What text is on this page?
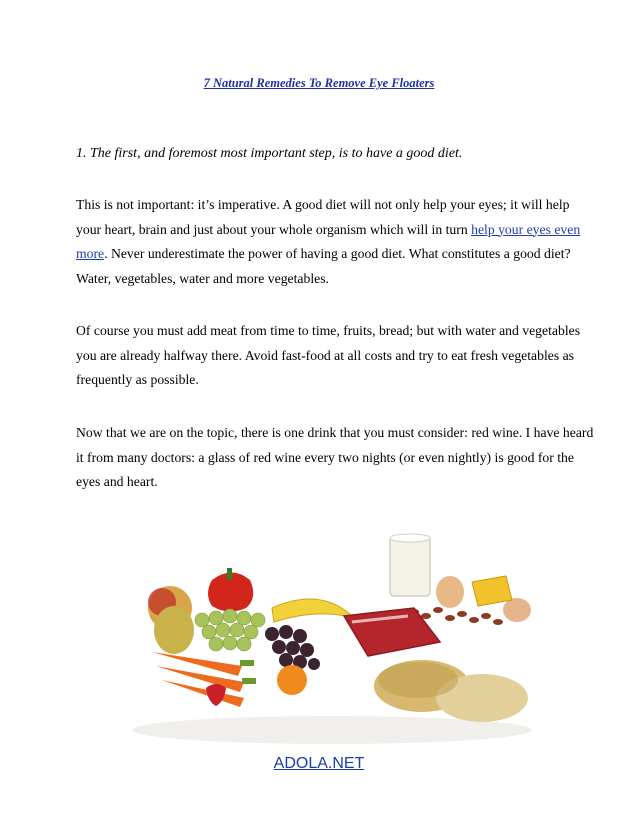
7 Natural Remedies To Remove Eye Floaters
1. The first, and foremost most important step, is to have a good diet.
This is not important: it’s imperative. A good diet will not only help your eyes; it will help your heart, brain and just about your whole organism which will in turn help your eyes even more. Never underestimate the power of having a good diet. What constitutes a good diet? Water, vegetables, water and more vegetables.
Of course you must add meat from time to time, fruits, bread; but with water and vegetables you are already halfway there. Avoid fast-food at all costs and try to eat fresh vegetables as frequently as possible.
Now that we are on the topic, there is one drink that you must consider: red wine. I have heard it from many doctors: a glass of red wine every two nights (or even nightly) is good for the eyes and heart.
ADOLA.NET
